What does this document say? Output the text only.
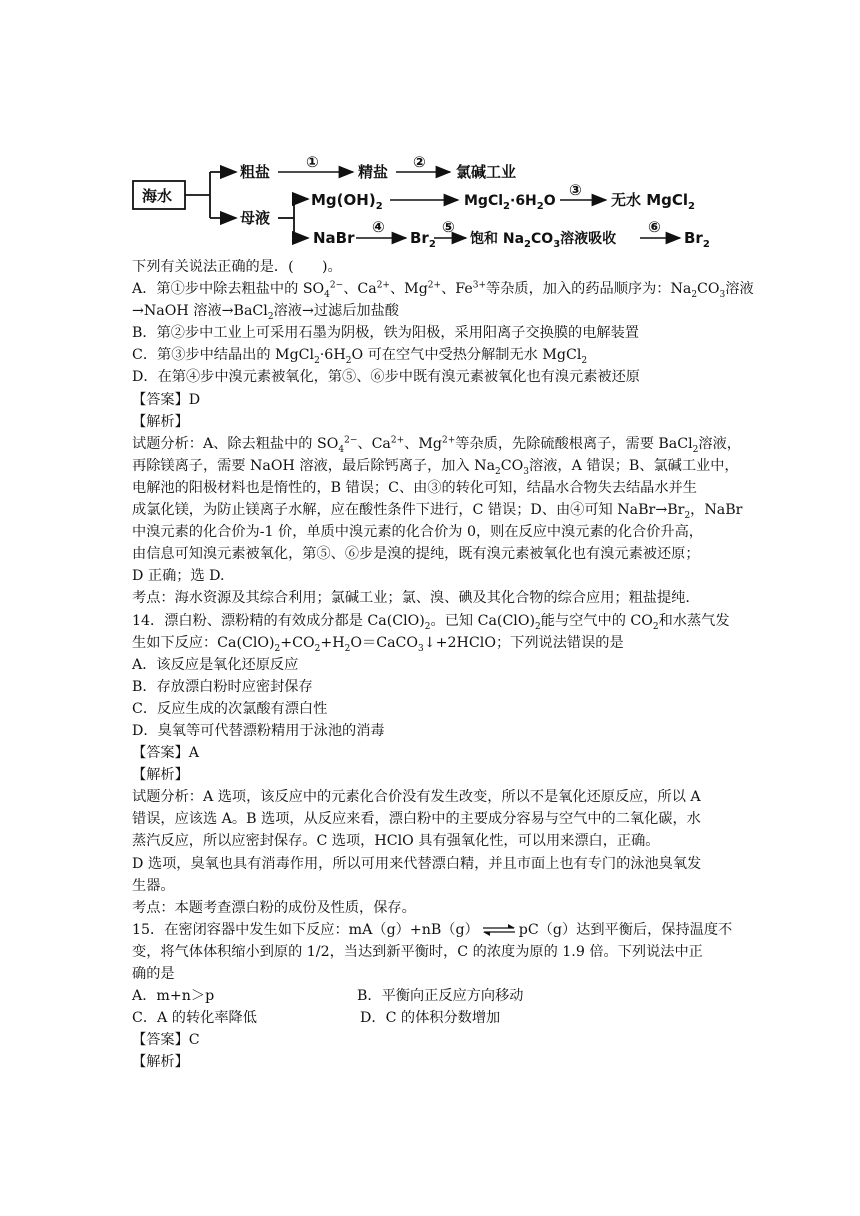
海水
粗盐
①
精盐
②
氯碱工业
母液
$Mg(OH)_2$	$MgCl_2\cdot 6H_2O$
③
无水 MgCl$_2$
NaBr
④
$Br_2$
⑤
饱和 $Na_2CO_3$溶液吸收
⑥
$Br_2$
下列有关说法正确的是．(　　)。
A．第①步中除去粗盐中的 $SO_4^{2-}$、$Ca^{2+}$、$Mg^{2+}$、$Fe^{3+}$等杂质，加入的药品顺序为：$Na_2CO_3$溶液
→NaOH 溶液→BaCl$_2$溶液→过滤后加盐酸
B．第②步中工业上可采用石墨为阴极，铁为阳极，采用阳离子交换膜的电解装置
C．第③步中结晶出的 $MgCl_2\cdot 6H_2O$ 可在空气中受热分解制无水 MgCl$_2$
D．在第④步中溴元素被氧化，第⑤、⑥步中既有溴元素被氧化也有溴元素被还原
【答案】D
【解析】
试题分析：A、除去粗盐中的 $SO_4^{2-}$、$Ca^{2+}$、$Mg^{2+}$等杂质，先除硫酸根离子，需要 BaCl$_2$溶液，
再除镁离子，需要 NaOH 溶液，最后除钙离子，加入 $Na_2CO_3$溶液，A 错误；B、氯碱工业中，
电解池的阳极材料也是惰性的，B 错误；C、由③的转化可知，结晶水合物失去结晶水并生
成氯化镁，为防止镁离子水解，应在酸性条件下进行，C 错误；D、由④可知 $NaBr\to Br_2$，NaBr
中溴元素的化合价为-1 价，单质中溴元素的化合价为 0，则在反应中溴元素的化合价升高，
由信息可知溴元素被氧化，第⑤、⑥步是溴的提纯，既有溴元素被氧化也有溴元素被还原；
D 正确；选 D.
考点：海水资源及其综合利用；氯碱工业；氯、溴、碘及其化合物的综合应用；粗盐提纯.
14．漂白粉、漂粉精的有效成分都是 $Ca(ClO)_2$。已知 $Ca(ClO)_2$能与空气中的 $CO_2$和水蒸气发
生如下反应：$Ca(ClO)_2+CO_2+H_2O=CaCO_3↓+2HClO$；下列说法错误的是
A．该反应是氧化还原反应
B．存放漂白粉时应密封保存
C．反应生成的次氯酸有漂白性
D．臭氧等可代替漂粉精用于泳池的消毒
【答案】A
【解析】
试题分析：A 选项，该反应中的元素化合价没有发生改变，所以不是氧化还原反应，所以 A
错误，应该选 A。B 选项，从反应来看，漂白粉中的主要成分容易与空气中的二氧化碳，水
蒸汽反应，所以应密封保存。C 选项，HClO 具有强氧化性，可以用来漂白，正确。
D 选项，臭氧也具有消毒作用，所以可用来代替漂白精，并且市面上也有专门的泳池臭氧发
生器。
考点：本题考查漂白粉的成份及性质，保存。
15．在密闭容器中发生如下反应：mA（g）+nB（g） ⇌ pC（g）达到平衡后，保持温度不
变，将气体体积缩小到原的 1/2，当达到新平衡时，C 的浓度为原的 1.9 倍。下列说法中正
确的是
A．m+n＞p	B．平衡向正反应方向移动
C．A 的转化率降低	D．C 的体积分数增加
【答案】C
【解析】
